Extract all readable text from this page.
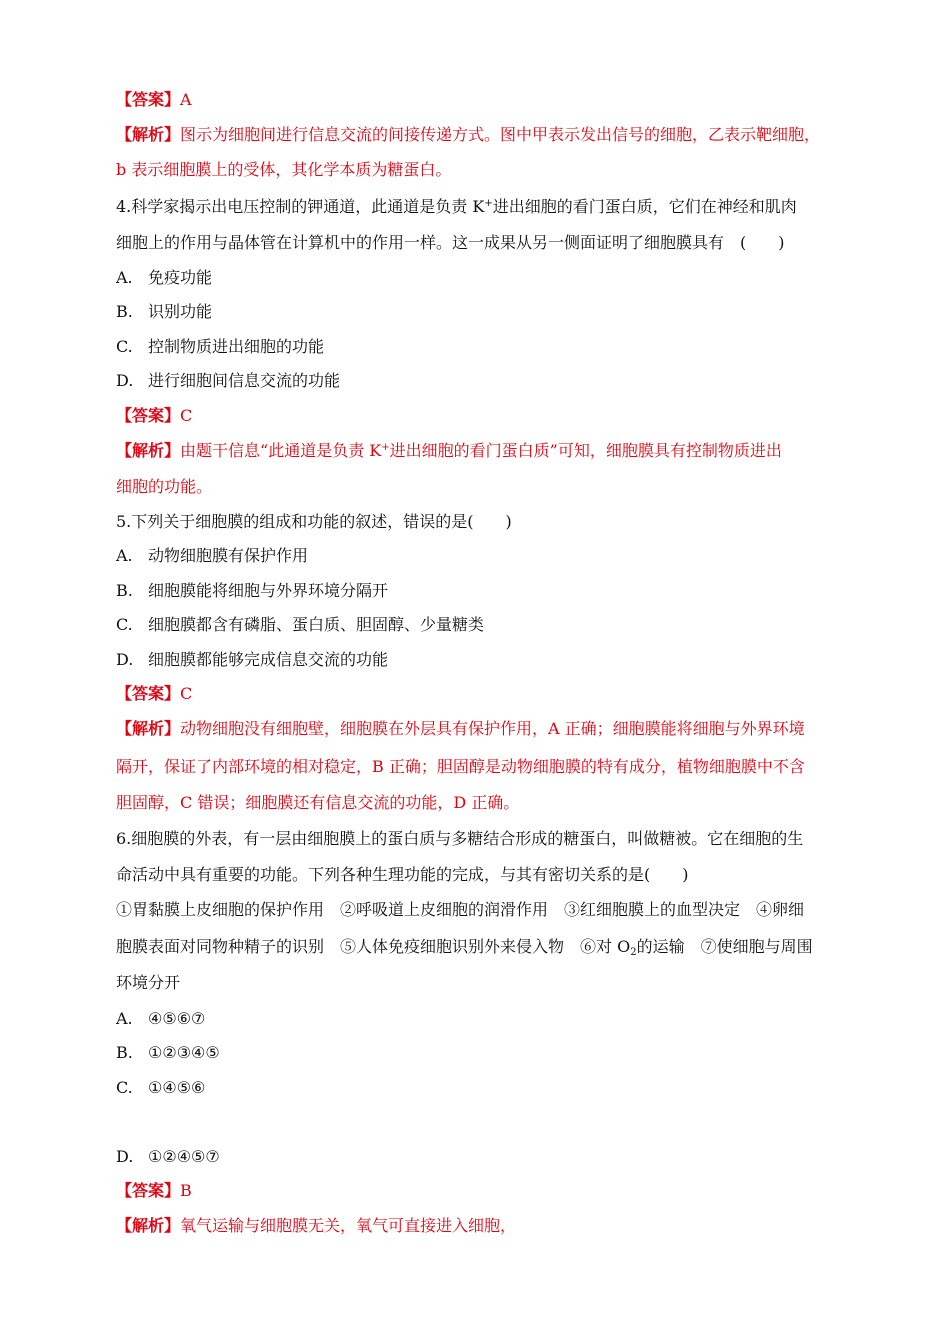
【答案】A
【解析】图示为细胞间进行信息交流的间接传递方式。图中甲表示发出信号的细胞，乙表示靶细胞，
b 表示细胞膜上的受体，其化学本质为糖蛋白。
4.科学家揭示出电压控制的钾通道，此通道是负责 K+进出细胞的看门蛋白质，它们在神经和肌肉
细胞上的作用与晶体管在计算机中的作用一样。这一成果从另一侧面证明了细胞膜具有　(　　)
A. 免疫功能
B. 识别功能
C. 控制物质进出细胞的功能
D. 进行细胞间信息交流的功能
【答案】C
【解析】由题干信息“此通道是负责 K+进出细胞的看门蛋白质”可知，细胞膜具有控制物质进出
细胞的功能。
5.下列关于细胞膜的组成和功能的叙述，错误的是(　　)
A. 动物细胞膜有保护作用
B. 细胞膜能将细胞与外界环境分隔开
C. 细胞膜都含有磷脂、蛋白质、胆固醇、少量糖类
D. 细胞膜都能够完成信息交流的功能
【答案】C
【解析】动物细胞没有细胞壁，细胞膜在外层具有保护作用，A 正确；细胞膜能将细胞与外界环境
隔开，保证了内部环境的相对稳定，B 正确；胆固醇是动物细胞膜的特有成分，植物细胞膜中不含
胆固醇，C 错误；细胞膜还有信息交流的功能，D 正确。
6.细胞膜的外表，有一层由细胞膜上的蛋白质与多糖结合形成的糖蛋白，叫做糖被。它在细胞的生
命活动中具有重要的功能。下列各种生理功能的完成，与其有密切关系的是(　　)
①胃黏膜上皮细胞的保护作用　②呼吸道上皮细胞的润滑作用　③红细胞膜上的血型决定　④卵细
胞膜表面对同物种精子的识别　⑤人体免疫细胞识别外来侵入物　⑥对 $O_2$的运输　⑦使细胞与周围
环境分开
A. ④⑤⑥⑦
B. ①②③④⑤
C. ①④⑤⑥
D. ①②④⑤⑦
【答案】B
【解析】氧气运输与细胞膜无关，氧气可直接进入细胞，
